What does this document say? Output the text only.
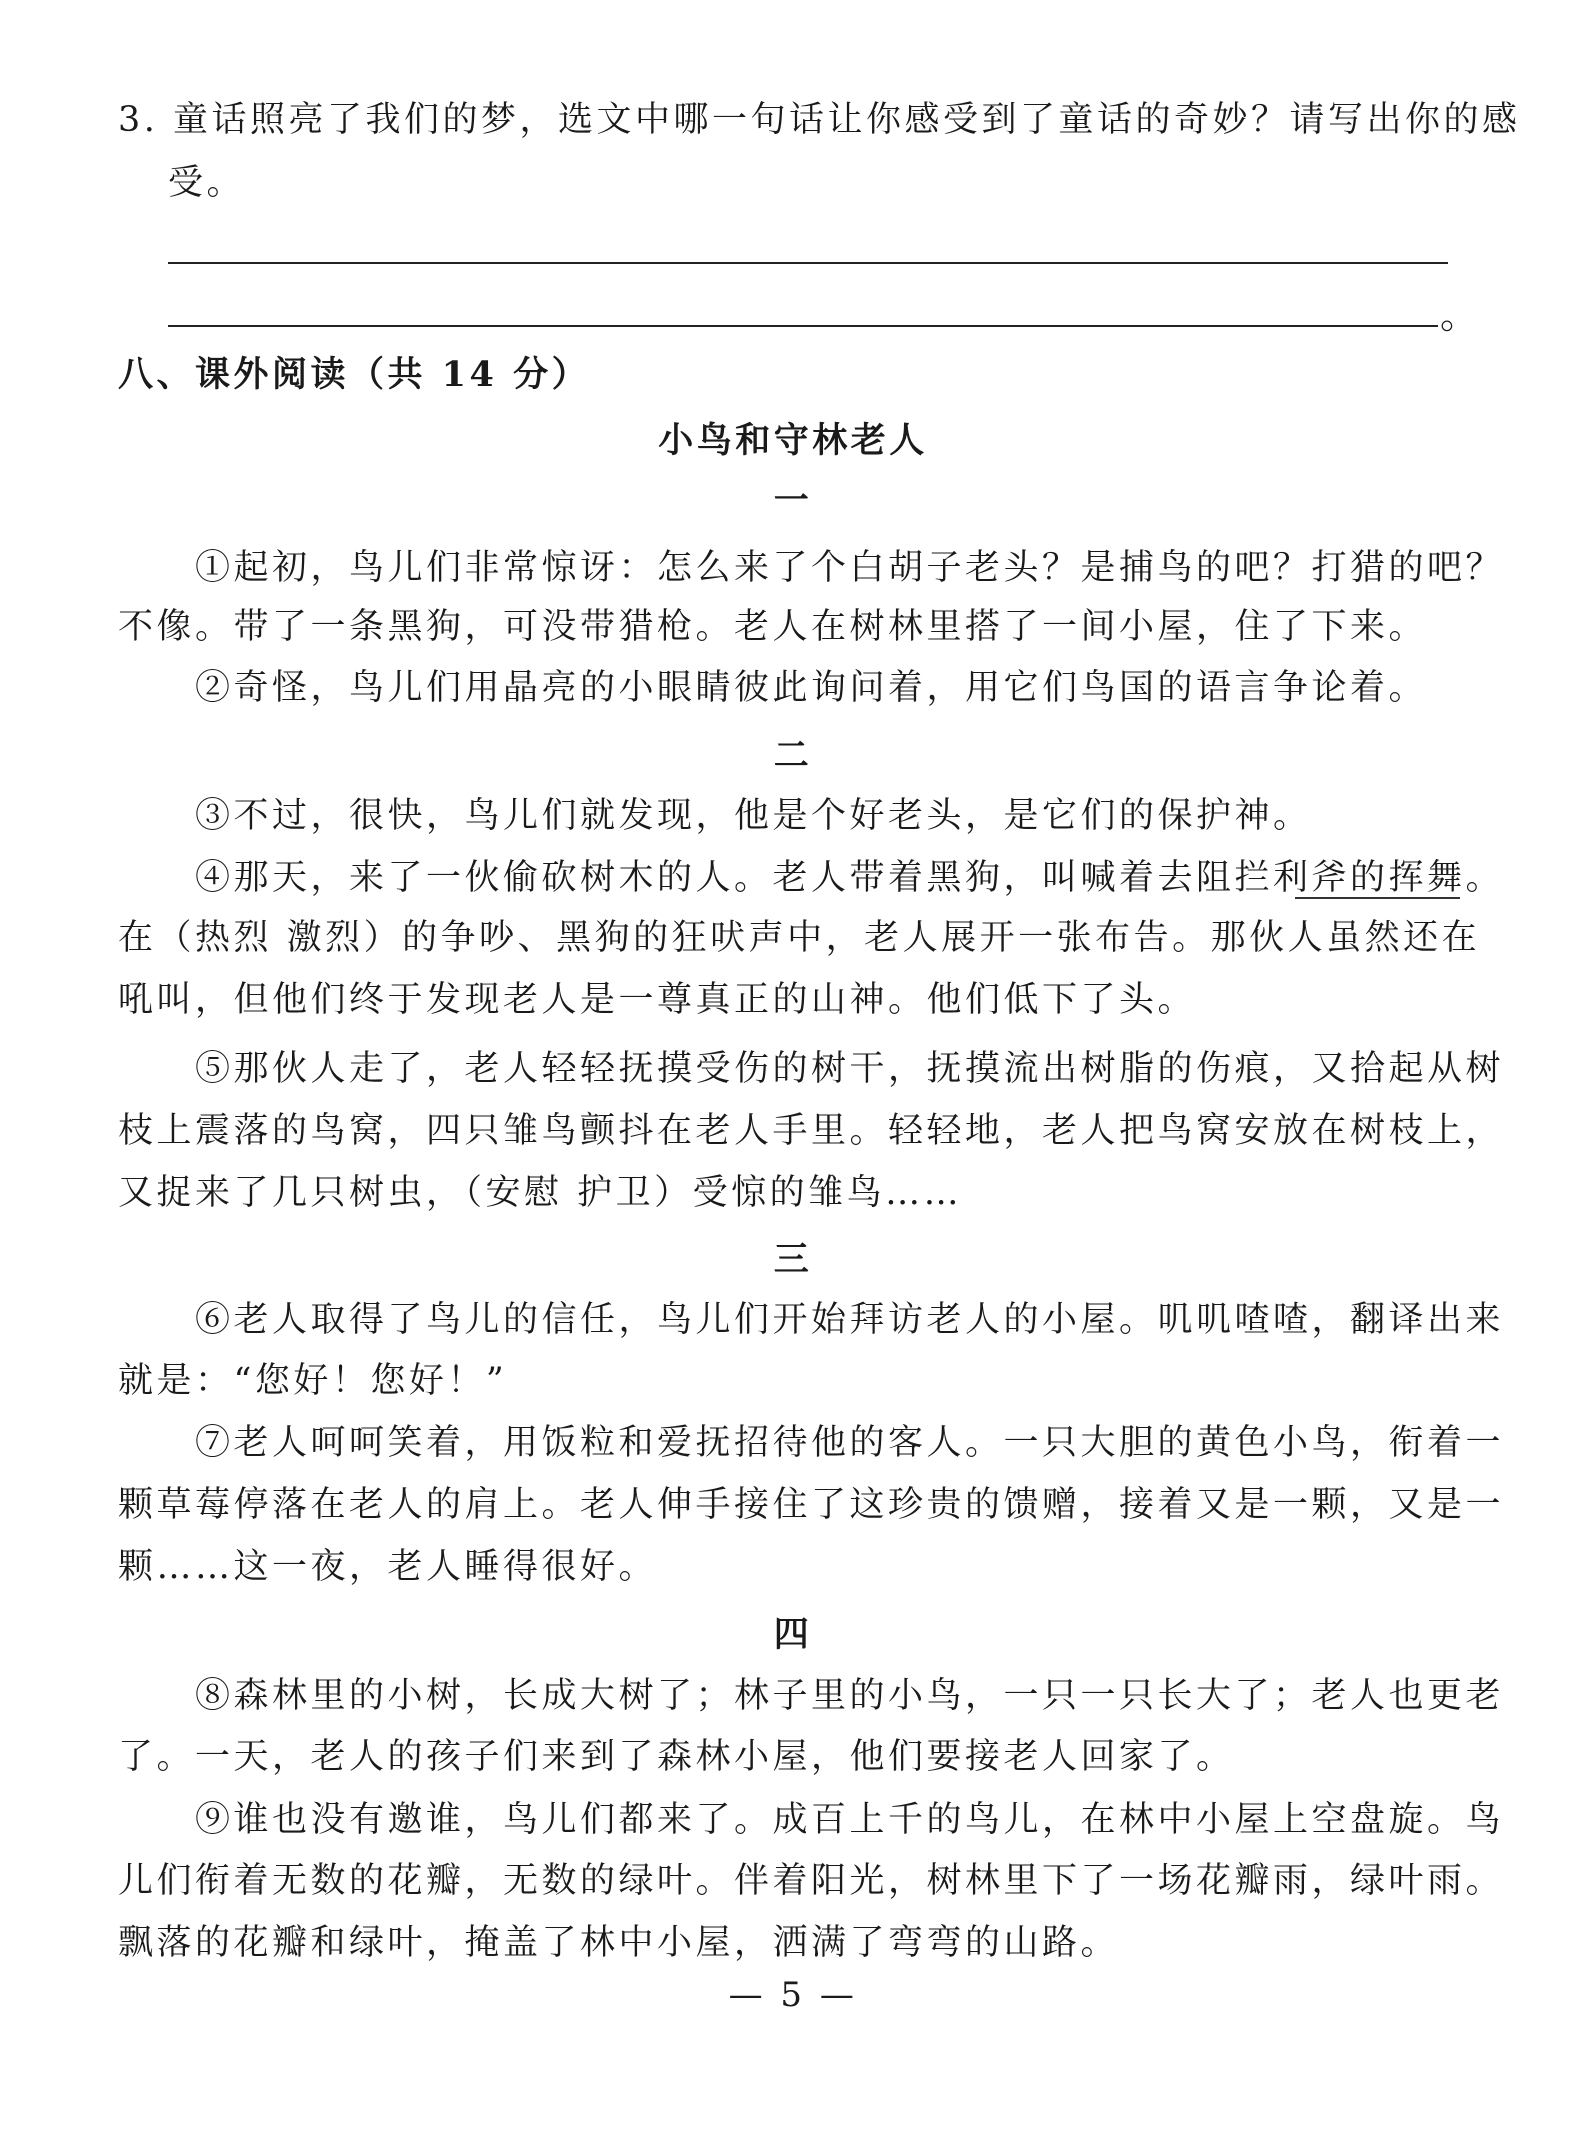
3. 童话照亮了我们的梦，选文中哪一句话让你感受到了童话的奇妙？请写出你的感
受。
。
八、课外阅读（共 14 分）
小鸟和守林老人
一
①起初，鸟儿们非常惊讶：怎么来了个白胡子老头？是捕鸟的吧？打猎的吧？
不像。带了一条黑狗，可没带猎枪。老人在树林里搭了一间小屋，住了下来。
②奇怪，鸟儿们用晶亮的小眼睛彼此询问着，用它们鸟国的语言争论着。
二
③不过，很快，鸟儿们就发现，他是个好老头，是它们的保护神。
④那天，来了一伙偷砍树木的人。老人带着黑狗，叫喊着去阻拦利斧的挥舞。
在（热烈 激烈）的争吵、黑狗的狂吠声中，老人展开一张布告。那伙人虽然还在
吼叫，但他们终于发现老人是一尊真正的山神。他们低下了头。
⑤那伙人走了，老人轻轻抚摸受伤的树干，抚摸流出树脂的伤痕，又拾起从树
枝上震落的鸟窝，四只雏鸟颤抖在老人手里。轻轻地，老人把鸟窝安放在树枝上，
又捉来了几只树虫，（安慰 护卫）受惊的雏鸟……
三
⑥老人取得了鸟儿的信任，鸟儿们开始拜访老人的小屋。叽叽喳喳，翻译出来
就是：“您好！您好！”
⑦老人呵呵笑着，用饭粒和爱抚招待他的客人。一只大胆的黄色小鸟，衔着一
颗草莓停落在老人的肩上。老人伸手接住了这珍贵的馈赠，接着又是一颗，又是一
颗……这一夜，老人睡得很好。
四
⑧森林里的小树，长成大树了；林子里的小鸟，一只一只长大了；老人也更老
了。一天，老人的孩子们来到了森林小屋，他们要接老人回家了。
⑨谁也没有邀谁，鸟儿们都来了。成百上千的鸟儿，在林中小屋上空盘旋。鸟
儿们衔着无数的花瓣，无数的绿叶。伴着阳光，树林里下了一场花瓣雨，绿叶雨。
飘落的花瓣和绿叶，掩盖了林中小屋，洒满了弯弯的山路。
— 5 —
